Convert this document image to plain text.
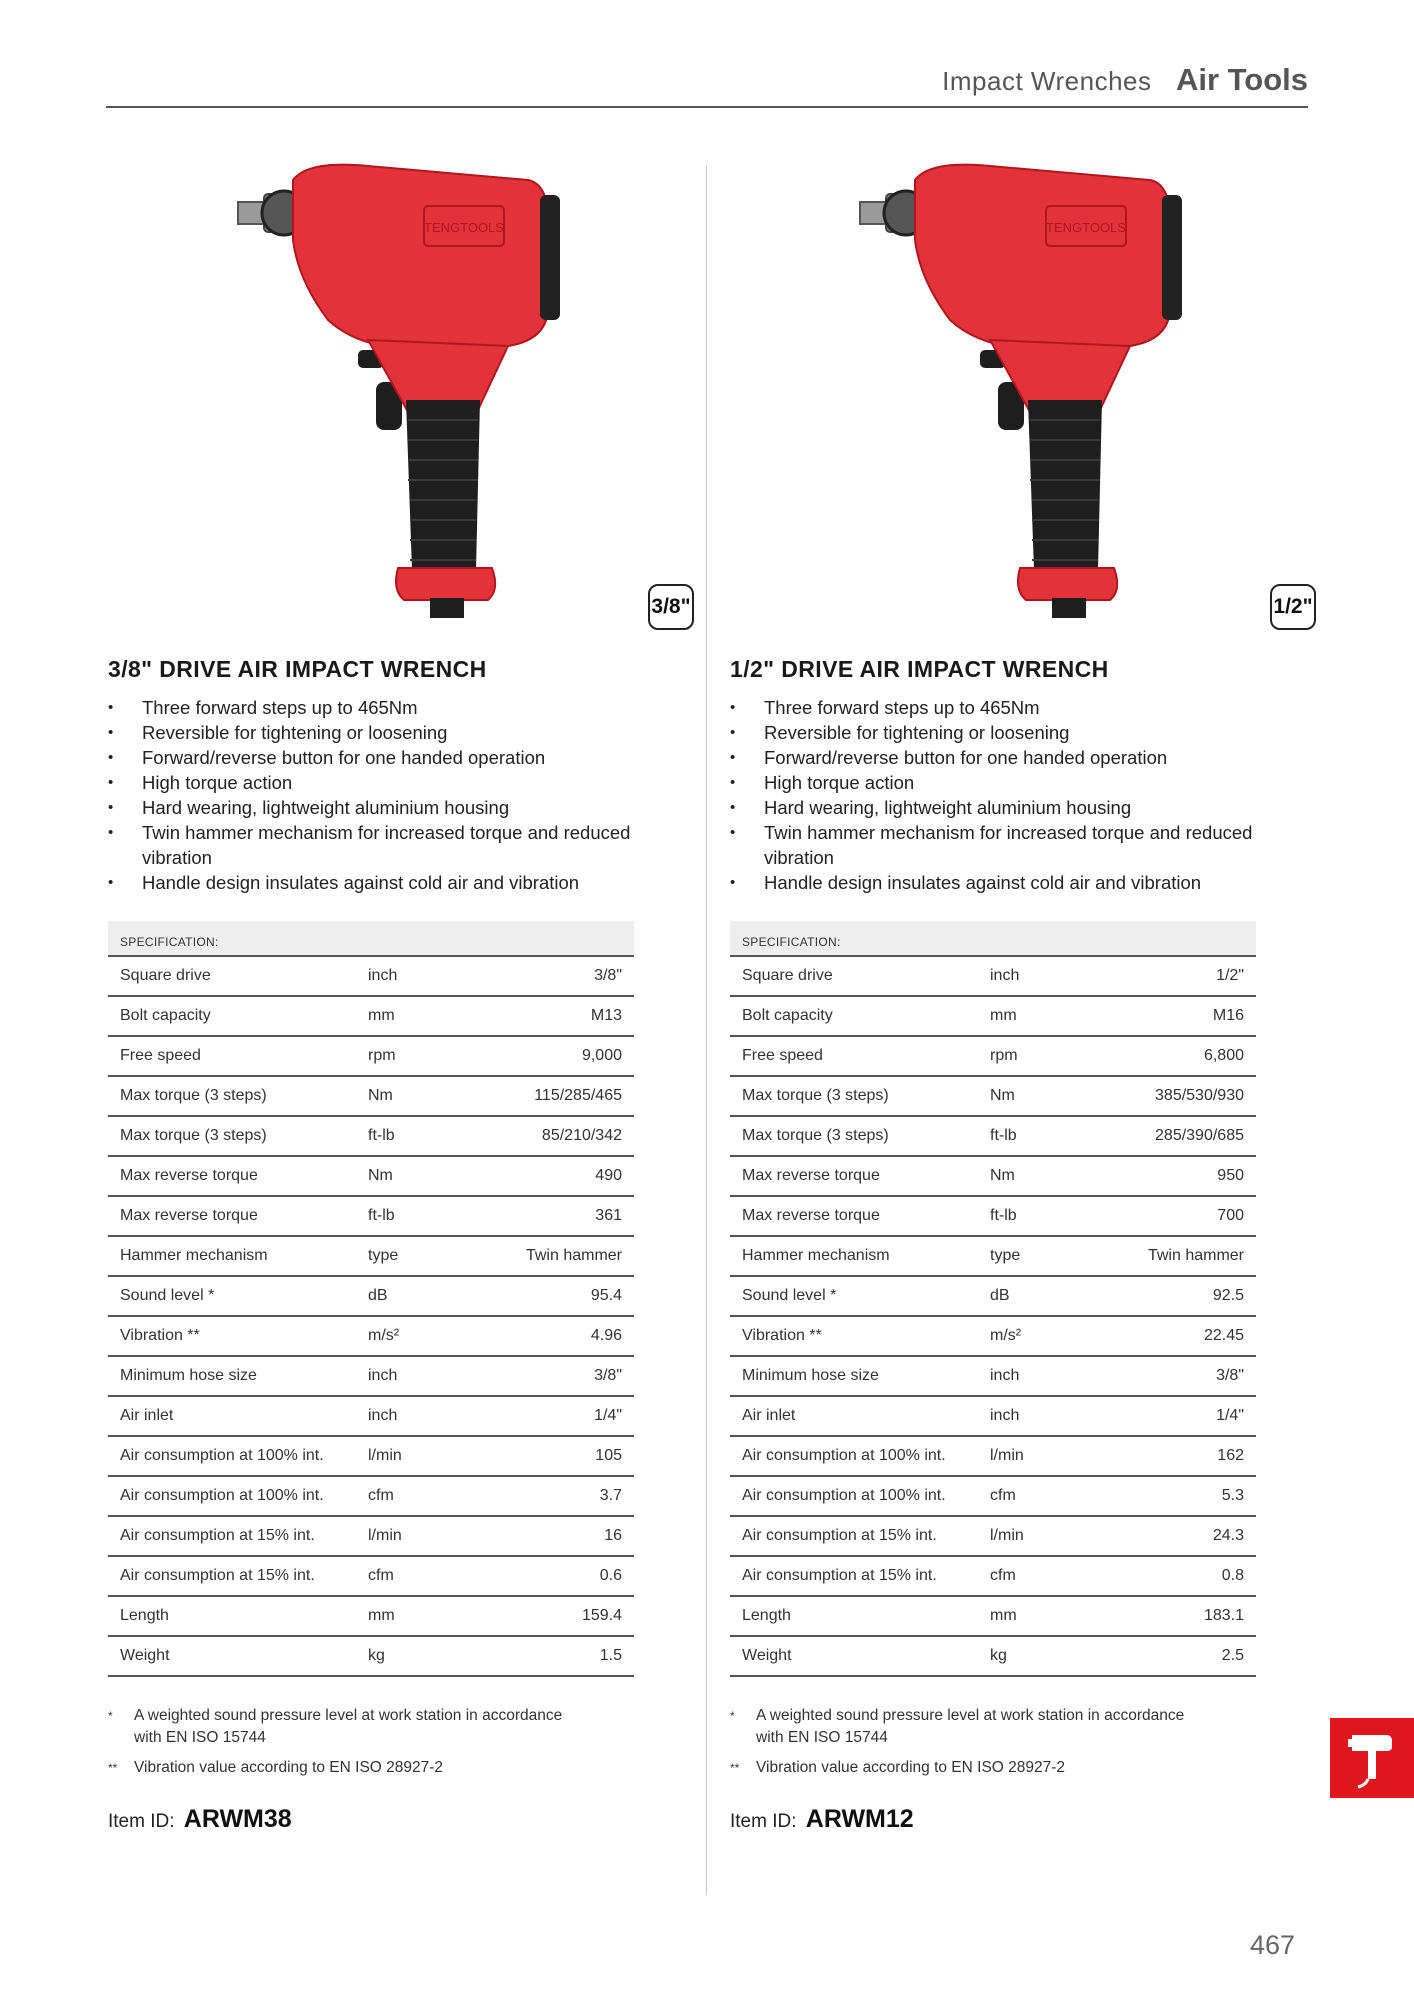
Impact Wrenches Air Tools
TENGTOOLS
3/8"
3/8" DRIVE AIR IMPACT WRENCH
• Three forward steps up to 465Nm
• Reversible for tightening or loosening
• Forward/reverse button for one handed operation
• High torque action
• Hard wearing, lightweight aluminium housing
• Twin hammer mechanism for increased torque and reduced vibration
• Handle design insulates against cold air and vibration
SPECIFICATION:		
Square drive	inch	3/8"
Bolt capacity	mm	M13
Free speed	rpm	9,000
Max torque (3 steps)	Nm	115/285/465
Max torque (3 steps)	ft-lb	85/210/342
Max reverse torque	Nm	490
Max reverse torque	ft-lb	361
Hammer mechanism	type	Twin hammer
Sound level *	dB	95.4
Vibration **	m/s²	4.96
Minimum hose size	inch	3/8"
Air inlet	inch	1/4"
Air consumption at 100% int.	l/min	105
Air consumption at 100% int.	cfm	3.7
Air consumption at 15% int.	l/min	16
Air consumption at 15% int.	cfm	0.6
Length	mm	159.4
Weight	kg	1.5
* A weighted sound pressure level at work station in accordance with EN ISO 15744
** Vibration value according to EN ISO 28927-2
Item ID: ARWM38
TENGTOOLS
1/2"
1/2" DRIVE AIR IMPACT WRENCH
• Three forward steps up to 465Nm
• Reversible for tightening or loosening
• Forward/reverse button for one handed operation
• High torque action
• Hard wearing, lightweight aluminium housing
• Twin hammer mechanism for increased torque and reduced vibration
• Handle design insulates against cold air and vibration
SPECIFICATION:		
Square drive	inch	1/2"
Bolt capacity	mm	M16
Free speed	rpm	6,800
Max torque (3 steps)	Nm	385/530/930
Max torque (3 steps)	ft-lb	285/390/685
Max reverse torque	Nm	950
Max reverse torque	ft-lb	700
Hammer mechanism	type	Twin hammer
Sound level *	dB	92.5
Vibration **	m/s²	22.45
Minimum hose size	inch	3/8"
Air inlet	inch	1/4"
Air consumption at 100% int.	l/min	162
Air consumption at 100% int.	cfm	5.3
Air consumption at 15% int.	l/min	24.3
Air consumption at 15% int.	cfm	0.8
Length	mm	183.1
Weight	kg	2.5
* A weighted sound pressure level at work station in accordance with EN ISO 15744
** Vibration value according to EN ISO 28927-2
Item ID: ARWM12
467
